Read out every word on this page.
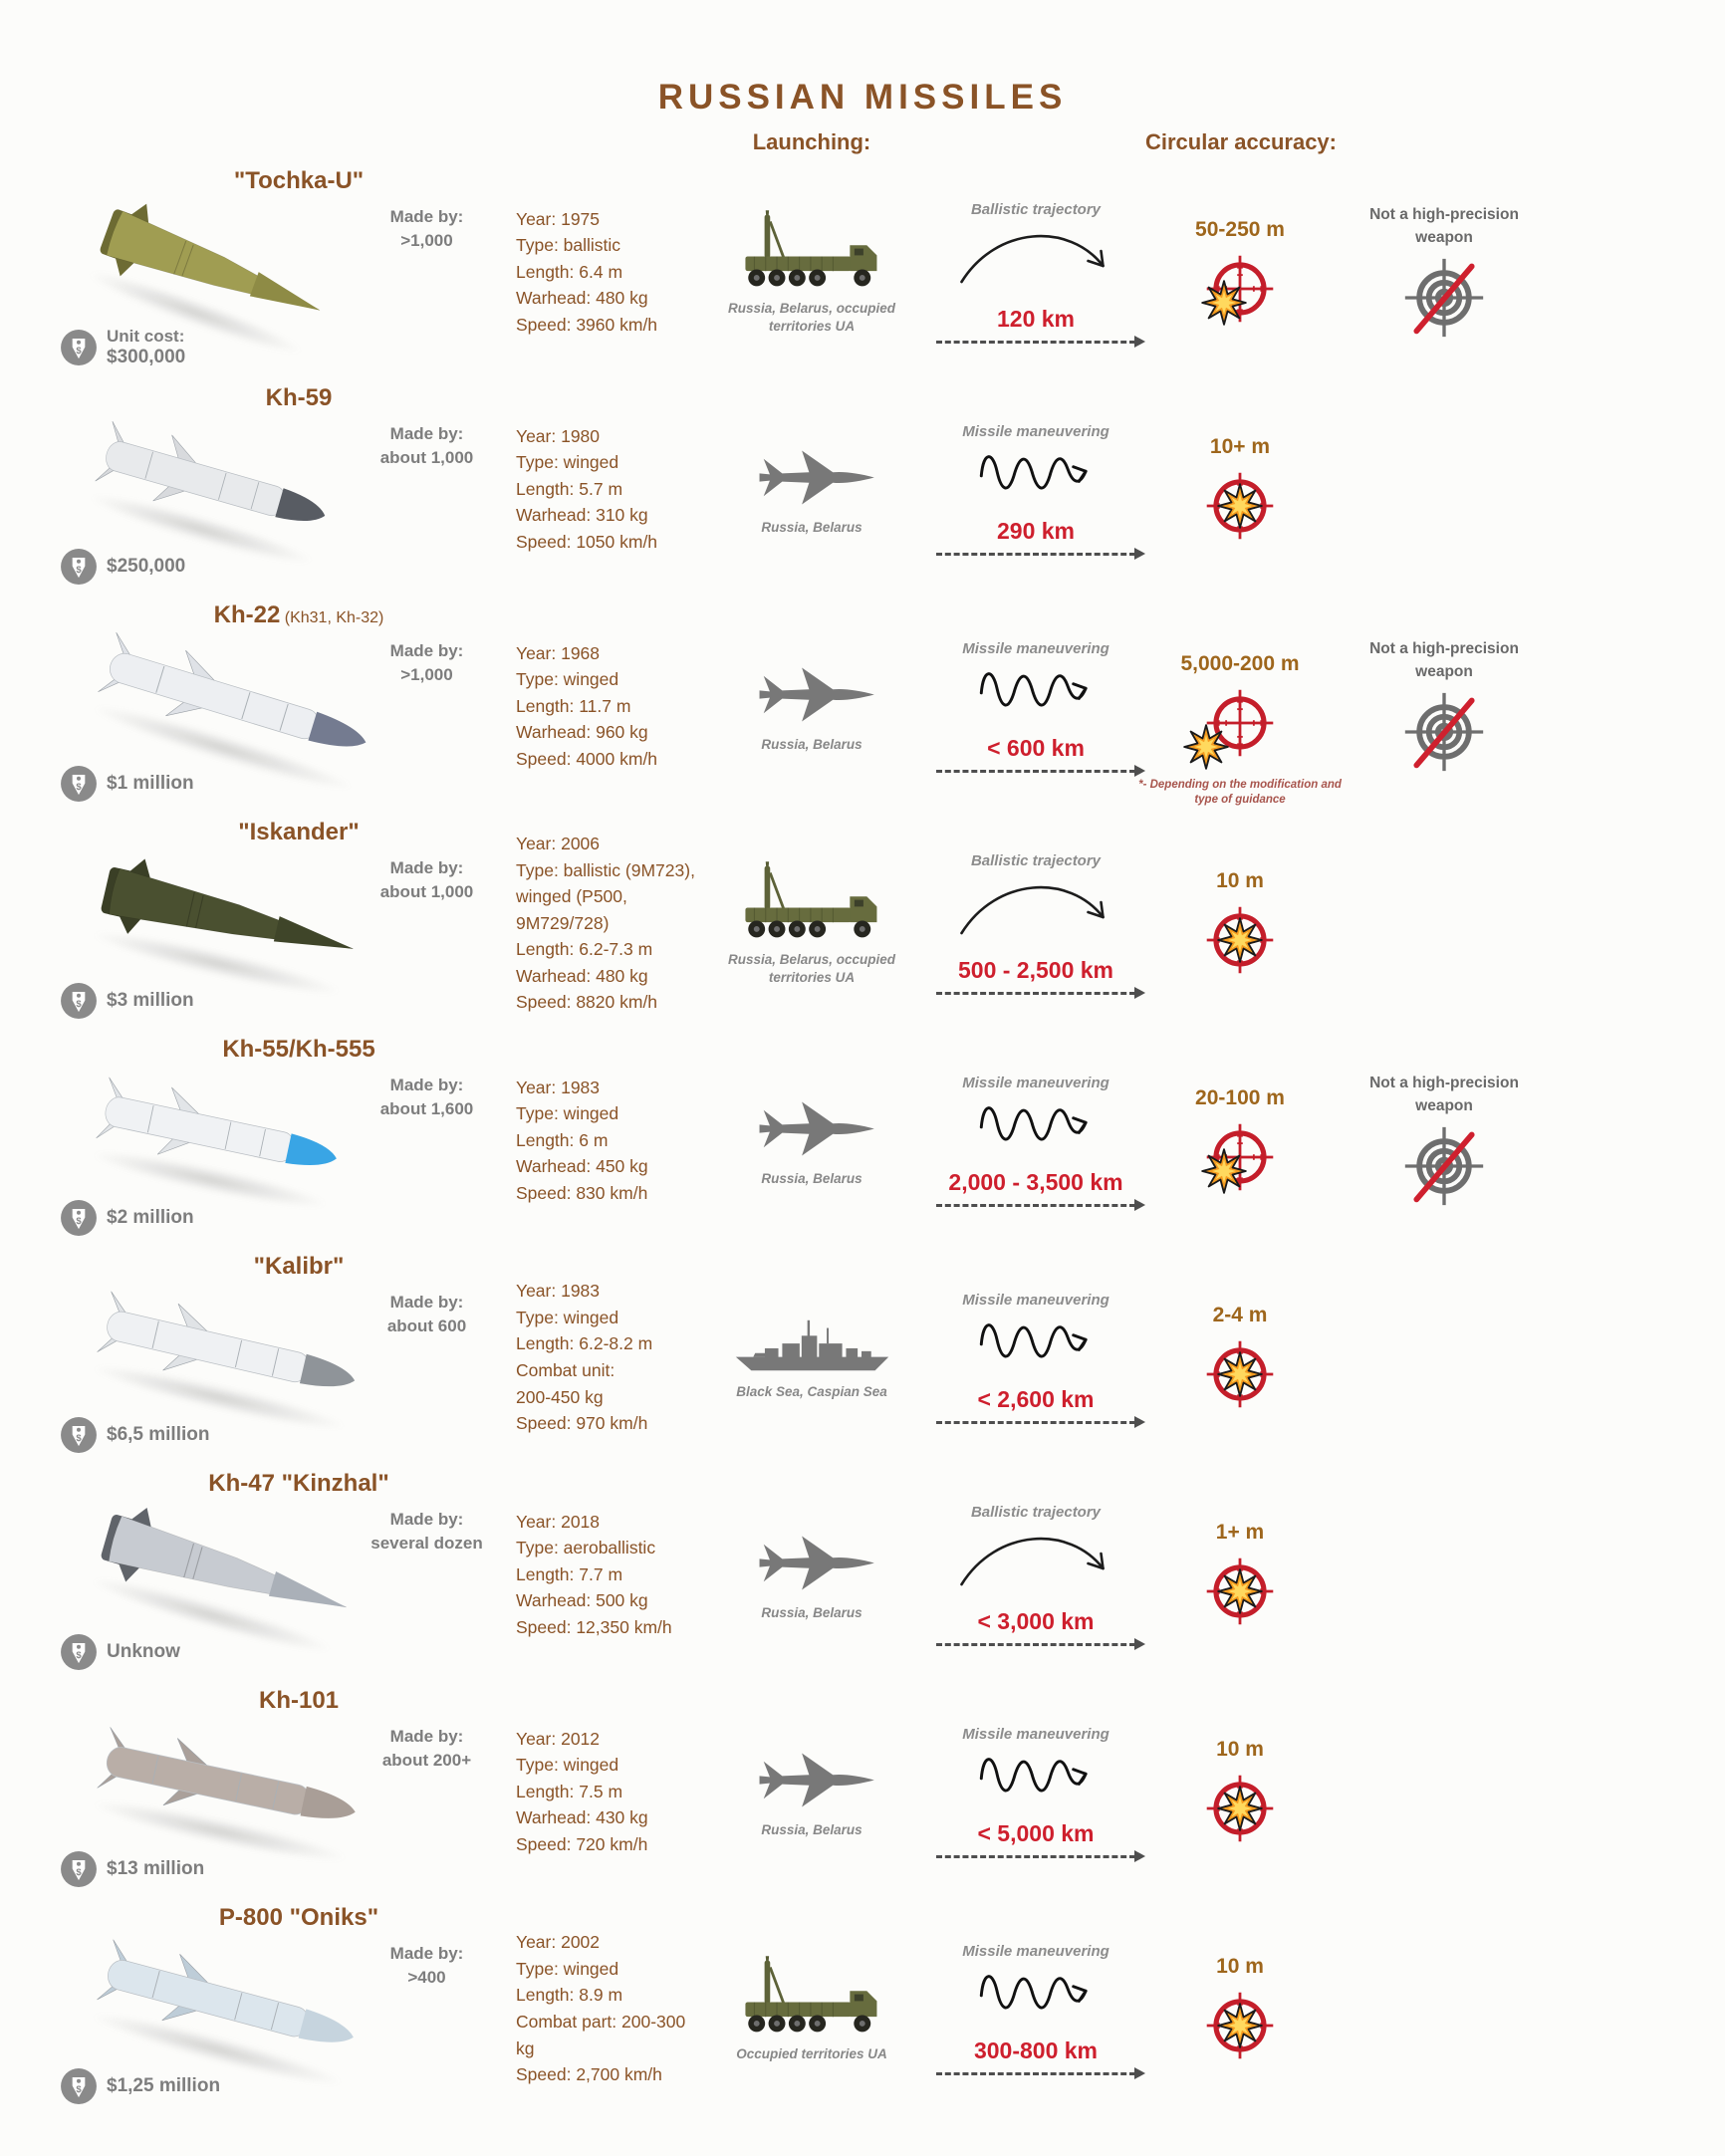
RUSSIAN MISSILES
Launching:	Circular accuracy:
"Tochka-U"
Made by:
>1,000
$
Unit cost:
$300,000
Year: 1975
Type: ballistic
Length: 6.4 m
Warhead: 480 kg
Speed: 3960 km/h
Russia, Belarus, occupied territories UA
Ballistic trajectory
120 km
50-250 m
Not a high-precision
weapon
Kh-59
Made by:
about 1,000
$ $250,000
Year: 1980
Type: winged
Length: 5.7 m
Warhead: 310 kg
Speed: 1050 km/h
Russia, Belarus
Missile maneuvering
290 km
10+ m
Kh-22 (Kh31, Kh-32)
Made by:
>1,000
$ $1 million
Year: 1968
Type: winged
Length: 11.7 m
Warhead: 960 kg
Speed: 4000 km/h
Russia, Belarus
Missile maneuvering
< 600 km
5,000-200 m
*- Depending on the modification and type of guidance
Not a high-precision
weapon
"Iskander"
Made by:
about 1,000
$ $3 million
Year: 2006
Type: ballistic (9M723),
winged (P500,
9M729/728)
Length: 6.2-7.3 m
Warhead: 480 kg
Speed: 8820 km/h
Russia, Belarus, occupied territories UA
Ballistic trajectory
500 - 2,500 km
10 m
Kh-55/Kh-555
Made by:
about 1,600
$ $2 million
Year: 1983
Type: winged
Length: 6 m
Warhead: 450 kg
Speed: 830 km/h
Russia, Belarus
Missile maneuvering
2,000 - 3,500 km
20-100 m
Not a high-precision
weapon
"Kalibr"
Made by:
about 600
$ $6,5 million
Year: 1983
Type: winged
Length: 6.2-8.2 m
Combat unit:
200-450 kg
Speed: 970 km/h
Black Sea, Caspian Sea
Missile maneuvering
< 2,600 km
2-4 m
Kh-47 "Kinzhal"
Made by:
several dozen
$ Unknow
Year: 2018
Type: aeroballistic
Length: 7.7 m
Warhead: 500 kg
Speed: 12,350 km/h
Russia, Belarus
Ballistic trajectory
< 3,000 km
1+ m
Kh-101
Made by:
about 200+
$ $13 million
Year: 2012
Type: winged
Length: 7.5 m
Warhead: 430 kg
Speed: 720 km/h
Russia, Belarus
Missile maneuvering
< 5,000 km
10 m
P-800 "Oniks"
Made by:
>400
$ $1,25 million
Year: 2002
Type: winged
Length: 8.9 m
Combat part: 200-300 kg
Speed: 2,700 km/h
Occupied territories UA
Missile maneuvering
300-800 km
10 m
